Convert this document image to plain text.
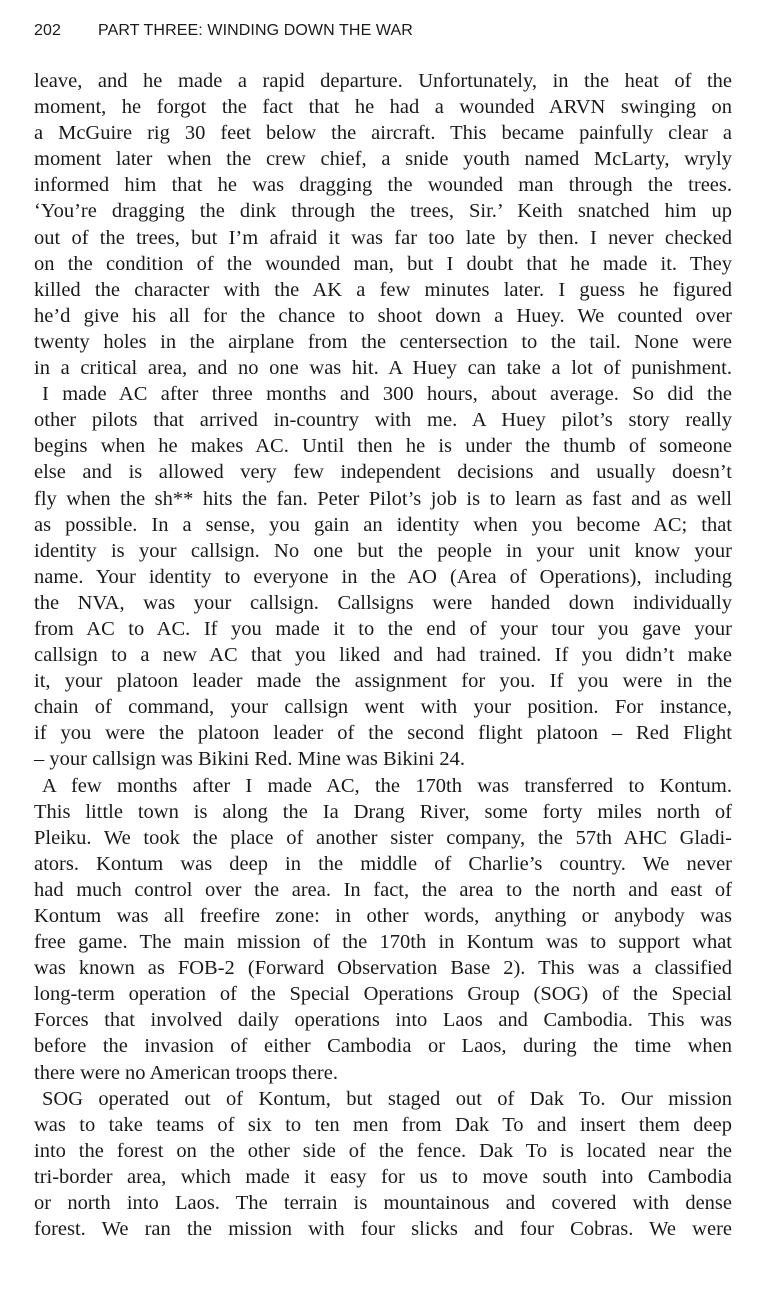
202 PART THREE: WINDING DOWN THE WAR
leave, and he made a rapid departure. Unfortunately, in the heat of the
moment, he forgot the fact that he had a wounded ARVN swinging on
a McGuire rig 30 feet below the aircraft. This became painfully clear a
moment later when the crew chief, a snide youth named McLarty, wryly
informed him that he was dragging the wounded man through the trees.
‘You’re dragging the dink through the trees, Sir.’ Keith snatched him up
out of the trees, but I’m afraid it was far too late by then. I never checked
on the condition of the wounded man, but I doubt that he made it. They
killed the character with the AK a few minutes later. I guess he figured
he’d give his all for the chance to shoot down a Huey. We counted over
twenty holes in the airplane from the centersection to the tail. None were
in a critical area, and no one was hit. A Huey can take a lot of punishment.
I made AC after three months and 300 hours, about average. So did the
other pilots that arrived in-country with me. A Huey pilot’s story really
begins when he makes AC. Until then he is under the thumb of someone
else and is allowed very few independent decisions and usually doesn’t
fly when the sh** hits the fan. Peter Pilot’s job is to learn as fast and as well
as possible. In a sense, you gain an identity when you become AC; that
identity is your callsign. No one but the people in your unit know your
name. Your identity to everyone in the AO (Area of Operations), including
the NVA, was your callsign. Callsigns were handed down individually
from AC to AC. If you made it to the end of your tour you gave your
callsign to a new AC that you liked and had trained. If you didn’t make
it, your platoon leader made the assignment for you. If you were in the
chain of command, your callsign went with your position. For instance,
if you were the platoon leader of the second flight platoon – Red Flight
– your callsign was Bikini Red. Mine was Bikini 24.
A few months after I made AC, the 170th was transferred to Kontum.
This little town is along the Ia Drang River, some forty miles north of
Pleiku. We took the place of another sister company, the 57th AHC Gladi-
ators. Kontum was deep in the middle of Charlie’s country. We never
had much control over the area. In fact, the area to the north and east of
Kontum was all freefire zone: in other words, anything or anybody was
free game. The main mission of the 170th in Kontum was to support what
was known as FOB-2 (Forward Observation Base 2). This was a classified
long-term operation of the Special Operations Group (SOG) of the Special
Forces that involved daily operations into Laos and Cambodia. This was
before the invasion of either Cambodia or Laos, during the time when
there were no American troops there.
SOG operated out of Kontum, but staged out of Dak To. Our mission
was to take teams of six to ten men from Dak To and insert them deep
into the forest on the other side of the fence. Dak To is located near the
tri-border area, which made it easy for us to move south into Cambodia
or north into Laos. The terrain is mountainous and covered with dense
forest. We ran the mission with four slicks and four Cobras. We were
